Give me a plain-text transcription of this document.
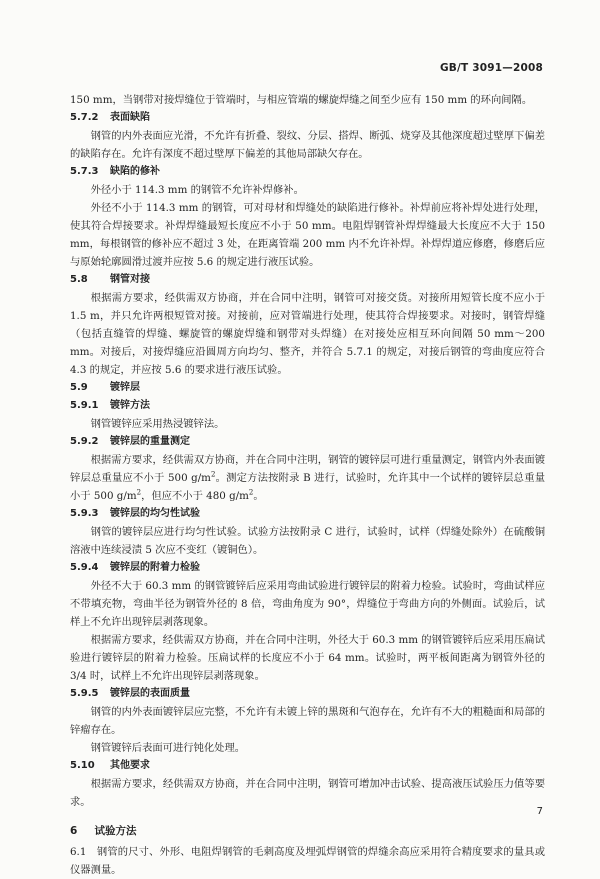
GB/T 3091—2008

150 mm，当钢带对接焊缝位于管端时，与相应管端的螺旋焊缝之间至少应有 150 mm 的环向间隔。

5.7.2　表面缺陷

钢管的内外表面应光滑，不允许有折叠、裂纹、分层、搭焊、断弧、烧穿及其他深度超过壁厚下偏差的缺陷存在。允许有深度不超过壁厚下偏差的其他局部缺欠存在。

5.7.3　缺陷的修补

外径小于 114.3 mm 的钢管不允许补焊修补。

外径不小于 114.3 mm 的钢管，可对母材和焊缝处的缺陷进行修补。补焊前应将补焊处进行处理，使其符合焊接要求。补焊焊缝最短长度应不小于 50 mm。电阻焊钢管补焊焊缝最大长度应不大于 150 mm，每根钢管的修补应不超过 3 处，在距离管端 200 mm 内不允许补焊。补焊焊道应修磨，修磨后应与原始轮廓圆滑过渡并应按 5.6 的规定进行液压试验。

5.8　钢管对接

根据需方要求，经供需双方协商，并在合同中注明，钢管可对接交货。对接所用短管长度不应小于 1.5 m，并只允许两根短管对接。对接前，应对管端进行处理，使其符合焊接要求。对接时，钢管焊缝（包括直缝管的焊缝、螺旋管的螺旋焊缝和钢带对头焊缝）在对接处应相互环向间隔 50 mm～200 mm。对接后，对接焊缝应沿圆周方向均匀、整齐，并符合 5.7.1 的规定，对接后钢管的弯曲度应符合 4.3 的规定，并应按 5.6 的要求进行液压试验。

5.9　镀锌层
5.9.1　镀锌方法

钢管镀锌应采用热浸镀锌法。

5.9.2　镀锌层的重量测定

根据需方要求，经供需双方协商，并在合同中注明，钢管的镀锌层可进行重量测定，钢管内外表面镀锌层总重量应不小于 500 $g/m^2$。测定方法按附录 B 进行，试验时，允许其中一个试样的镀锌层总重量小于 500 $g/m^2$，但应不小于 480 $g/m^2$。

5.9.3　镀锌层的均匀性试验

钢管的镀锌层应进行均匀性试验。试验方法按附录 C 进行，试验时，试样（焊缝处除外）在硫酸铜溶液中连续浸渍 5 次应不变红（镀铜色）。

5.9.4　镀锌层的附着力检验

外径不大于 60.3 mm 的钢管镀锌后应采用弯曲试验进行镀锌层的附着力检验。试验时，弯曲试样应不带填充物，弯曲半径为钢管外径的 8 倍，弯曲角度为 90°，焊缝位于弯曲方向的外侧面。试验后，试样上不允许出现锌层剥落现象。

根据需方要求，经供需双方协商，并在合同中注明，外径大于 60.3 mm 的钢管镀锌后应采用压扁试验进行镀锌层的附着力检验。压扁试样的长度应不小于 64 mm。试验时，两平板间距离为钢管外径的 3/4 时，试样上不允许出现锌层剥落现象。

5.9.5　镀锌层的表面质量

钢管的内外表面镀锌层应完整，不允许有未镀上锌的黑斑和气泡存在，允许有不大的粗糙面和局部的锌瘤存在。

钢管镀锌后表面可进行钝化处理。

5.10　其他要求

根据需方要求，经供需双方协商，并在合同中注明，钢管可增加冲击试验、提高液压试验压力值等要求。

6　试验方法

6.1　钢管的尺寸、外形、电阻焊钢管的毛刺高度及埋弧焊钢管的焊缝余高应采用符合精度要求的量具或仪器测量。

7
